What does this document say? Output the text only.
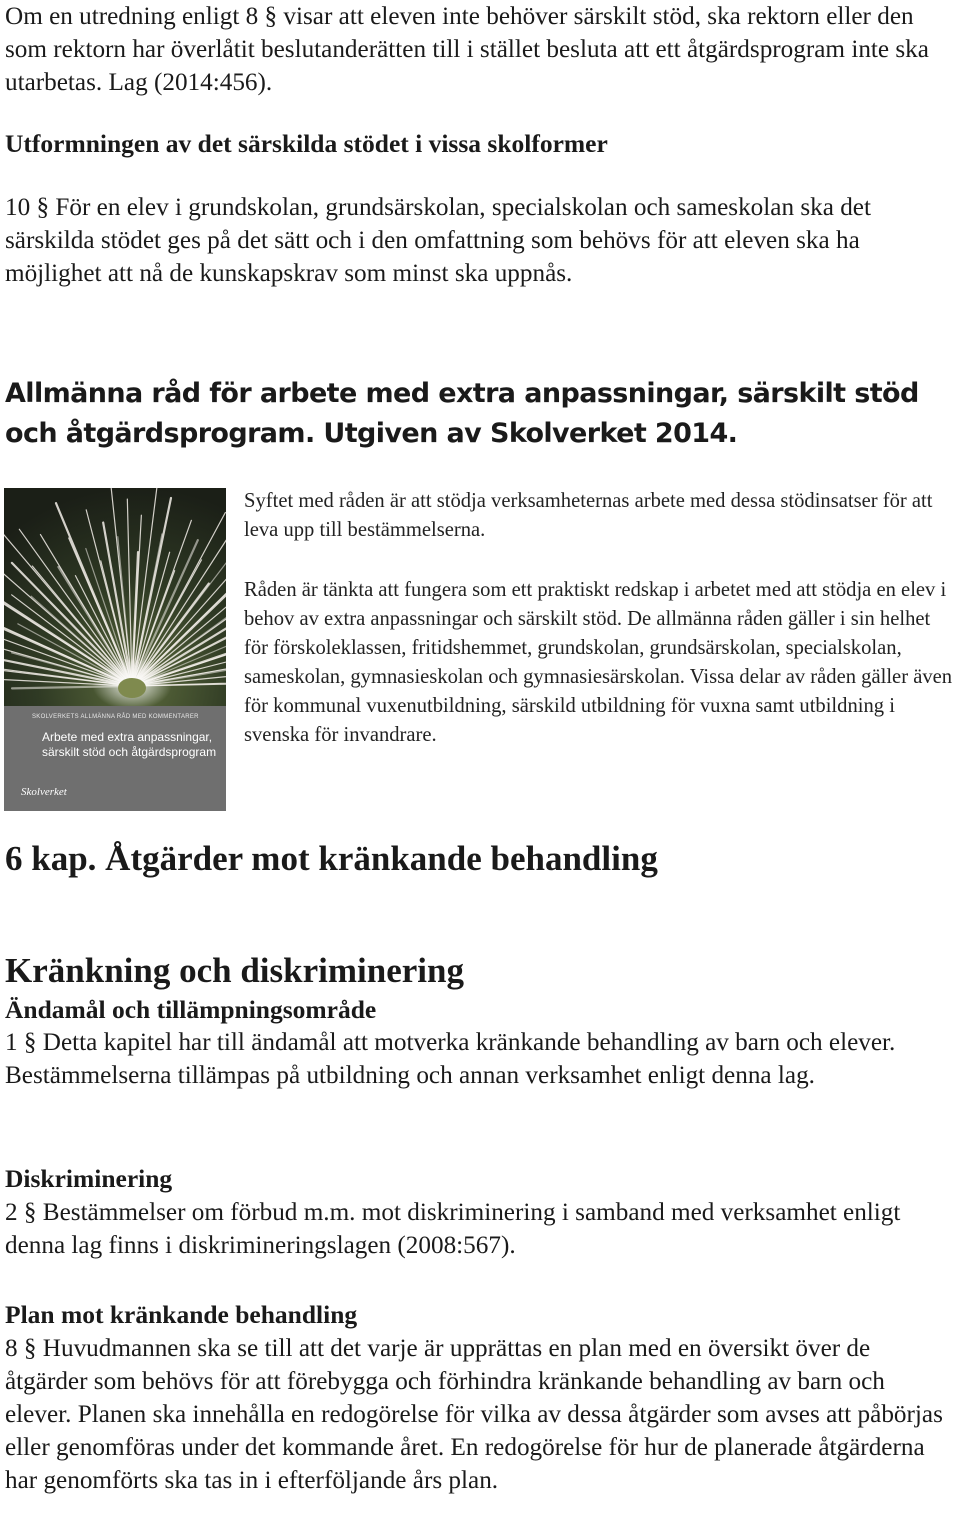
Om en utredning enligt 8 § visar att eleven inte behöver särskilt stöd, ska rektorn eller den som rektorn har överlåtit beslutanderätten till i stället besluta att ett åtgärdsprogram inte ska utarbetas. Lag (2014:456).

Utformningen av det särskilda stödet i vissa skolformer

10 § För en elev i grundskolan, grundsärskolan, specialskolan och sameskolan ska det särskilda stödet ges på det sätt och i den omfattning som behövs för att eleven ska ha möjlighet att nå de kunskapskrav som minst ska uppnås.

Allmänna råd för arbete med extra anpassningar, särskilt stöd och åtgärdsprogram. Utgiven av Skolverket 2014.
SKOLVERKETS ALLMÄNNA RÅD MED KOMMENTARER
Arbete med extra anpassningar, särskilt stöd och åtgärdsprogram
Skolverket

Syftet med råden är att stödja verksamheternas arbete med dessa stödinsatser för att leva upp till bestämmelserna.

Råden är tänkta att fungera som ett praktiskt redskap i arbetet med att stödja en elev i behov av extra anpassningar och särskilt stöd. De allmänna råden gäller i sin helhet för förskoleklassen, fritidshemmet, grundskolan, grundsärskolan, specialskolan, sameskolan, gymnasieskolan och gymnasiesärskolan. Vissa delar av råden gäller även för kommunal vuxenutbildning, särskild utbildning för vuxna samt utbildning i svenska för invandrare.

6 kap. Åtgärder mot kränkande behandling
Kränkning och diskriminering
Ändamål och tillämpningsområde

1 § Detta kapitel har till ändamål att motverka kränkande behandling av barn och elever. Bestämmelserna tillämpas på utbildning och annan verksamhet enligt denna lag.

Diskriminering

2 § Bestämmelser om förbud m.m. mot diskriminering i samband med verksamhet enligt denna lag finns i diskrimineringslagen (2008:567).

Plan mot kränkande behandling

8 § Huvudmannen ska se till att det varje är upprättas en plan med en översikt över de åtgärder som behövs för att förebygga och förhindra kränkande behandling av barn och elever. Planen ska innehålla en redogörelse för vilka av dessa åtgärder som avses att påbörjas eller genomföras under det kommande året. En redogörelse för hur de planerade åtgärderna har genomförts ska tas in i efterföljande års plan.
